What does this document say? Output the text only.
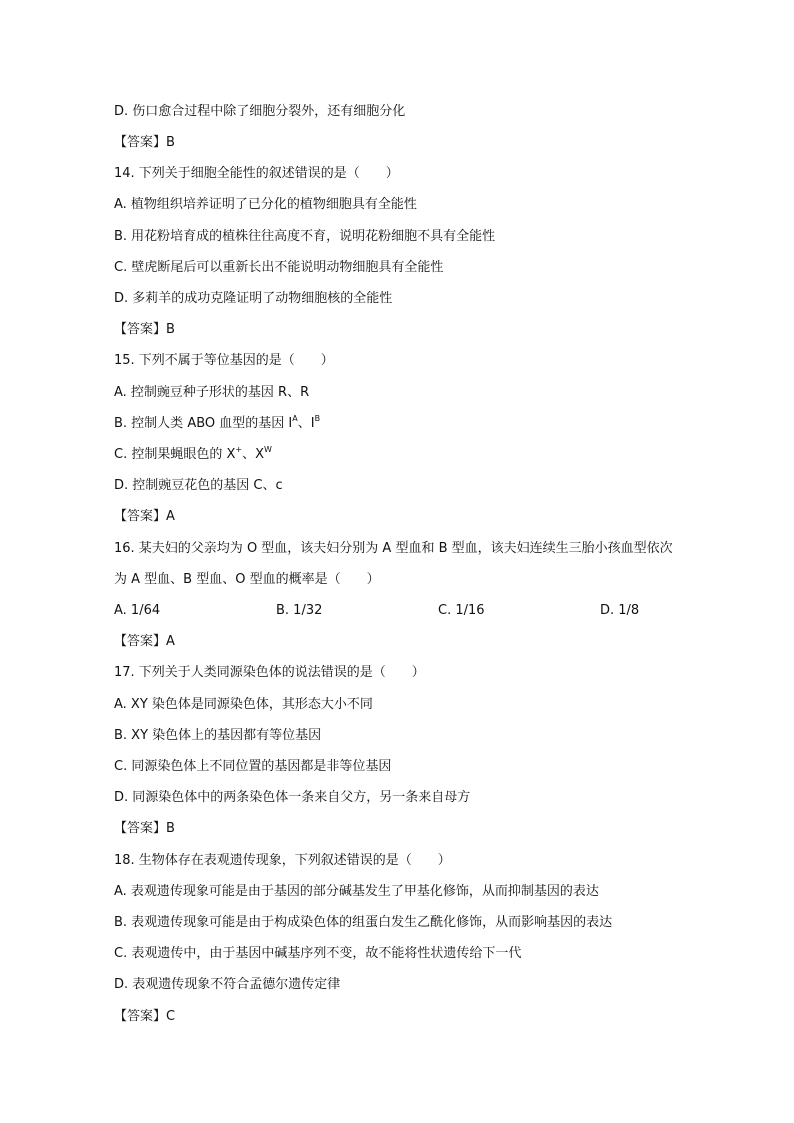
D. 伤口愈合过程中除了细胞分裂外，还有细胞分化
【答案】B
14. 下列关于细胞全能性的叙述错误的是（　　）
A. 植物组织培养证明了已分化的植物细胞具有全能性
B. 用花粉培育成的植株往往高度不育，说明花粉细胞不具有全能性
C. 壁虎断尾后可以重新长出不能说明动物细胞具有全能性
D. 多莉羊的成功克隆证明了动物细胞核的全能性
【答案】B
15. 下列不属于等位基因的是（　　）
A. 控制豌豆种子形状的基因 R、R
B. 控制人类 ABO 血型的基因 $I^A$、$I^B$
C. 控制果蝇眼色的 X+、$X^W$
D. 控制豌豆花色的基因 C、c
【答案】A
16. 某夫妇的父亲均为 O 型血，该夫妇分别为 A 型血和 B 型血，该夫妇连续生三胎小孩血型依次
为 A 型血、B 型血、O 型血的概率是（　　）
A. 1/64	B. 1/32	C. 1/16	D. 1/8
【答案】A
17. 下列关于人类同源染色体的说法错误的是（　　）
A. XY 染色体是同源染色体，其形态大小不同
B. XY 染色体上的基因都有等位基因
C. 同源染色体上不同位置的基因都是非等位基因
D. 同源染色体中的两条染色体一条来自父方，另一条来自母方
【答案】B
18. 生物体存在表观遗传现象，下列叙述错误的是（　　）
A. 表观遗传现象可能是由于基因的部分碱基发生了甲基化修饰，从而抑制基因的表达
B. 表观遗传现象可能是由于构成染色体的组蛋白发生乙酰化修饰，从而影响基因的表达
C. 表观遗传中，由于基因中碱基序列不变，故不能将性状遗传给下一代
D. 表观遗传现象不符合孟德尔遗传定律
【答案】C
